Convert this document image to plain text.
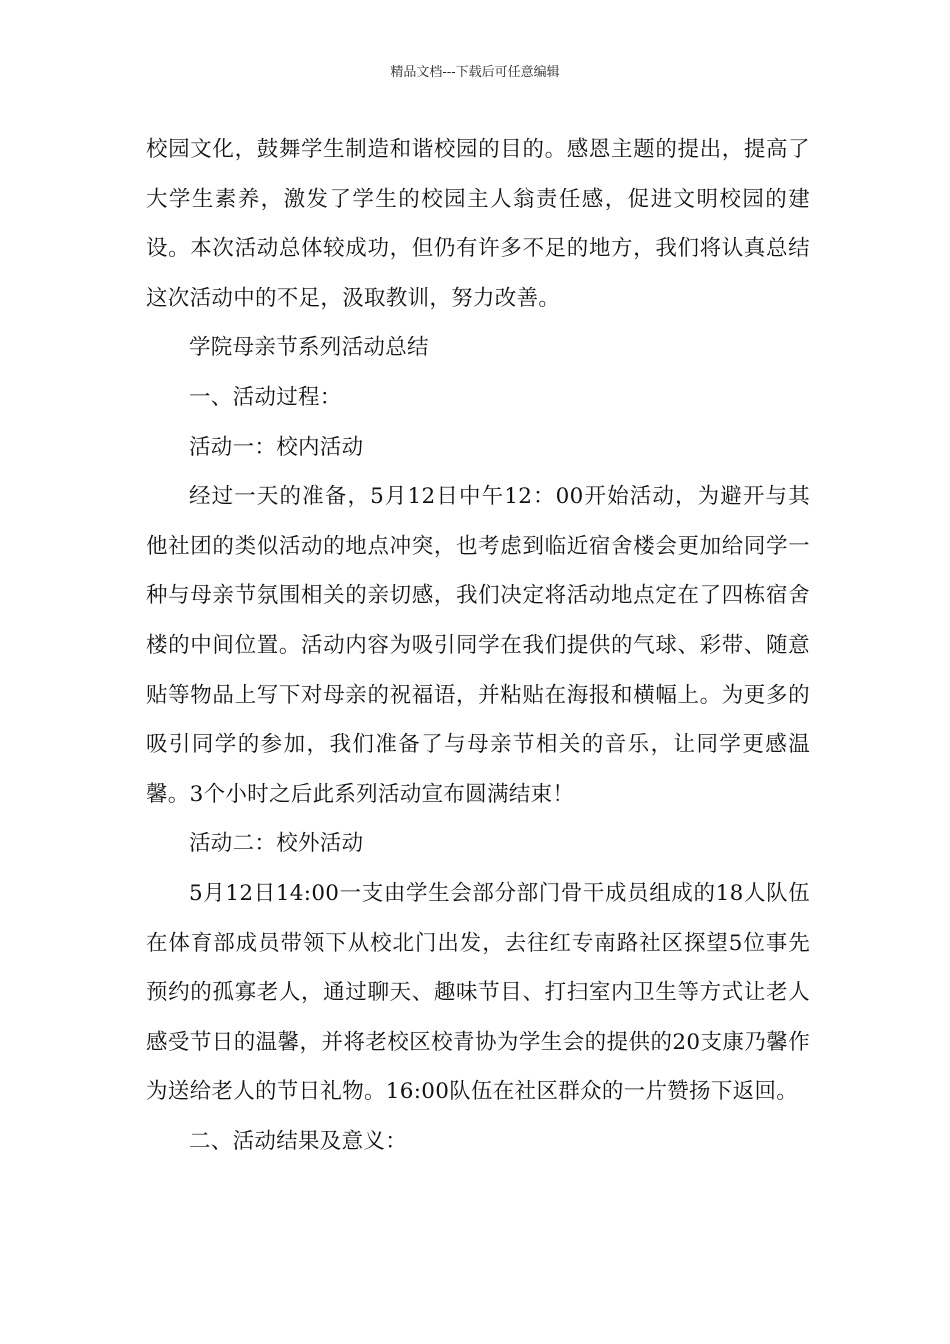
精品文档---下载后可任意编辑

校园文化，鼓舞学生制造和谐校园的目的。感恩主题的提出，提高了大学生素养，激发了学生的校园主人翁责任感，促进文明校园的建设。本次活动总体较成功，但仍有许多不足的地方，我们将认真总结这次活动中的不足，汲取教训，努力改善。

学院母亲节系列活动总结

一、活动过程：

活动一：校内活动

经过一天的准备，5月12日中午12：00开始活动，为避开与其他社团的类似活动的地点冲突，也考虑到临近宿舍楼会更加给同学一种与母亲节氛围相关的亲切感，我们决定将活动地点定在了四栋宿舍楼的中间位置。活动内容为吸引同学在我们提供的气球、彩带、随意贴等物品上写下对母亲的祝福语，并粘贴在海报和横幅上。为更多的吸引同学的参加，我们准备了与母亲节相关的音乐，让同学更感温馨。3个小时之后此系列活动宣布圆满结束！

活动二：校外活动

5月12日14:00一支由学生会部分部门骨干成员组成的18人队伍在体育部成员带领下从校北门出发，去往红专南路社区探望5位事先预约的孤寡老人，通过聊天、趣味节目、打扫室内卫生等方式让老人感受节日的温馨，并将老校区校青协为学生会的提供的20支康乃馨作为送给老人的节日礼物。16:00队伍在社区群众的一片赞扬下返回。

二、活动结果及意义：
